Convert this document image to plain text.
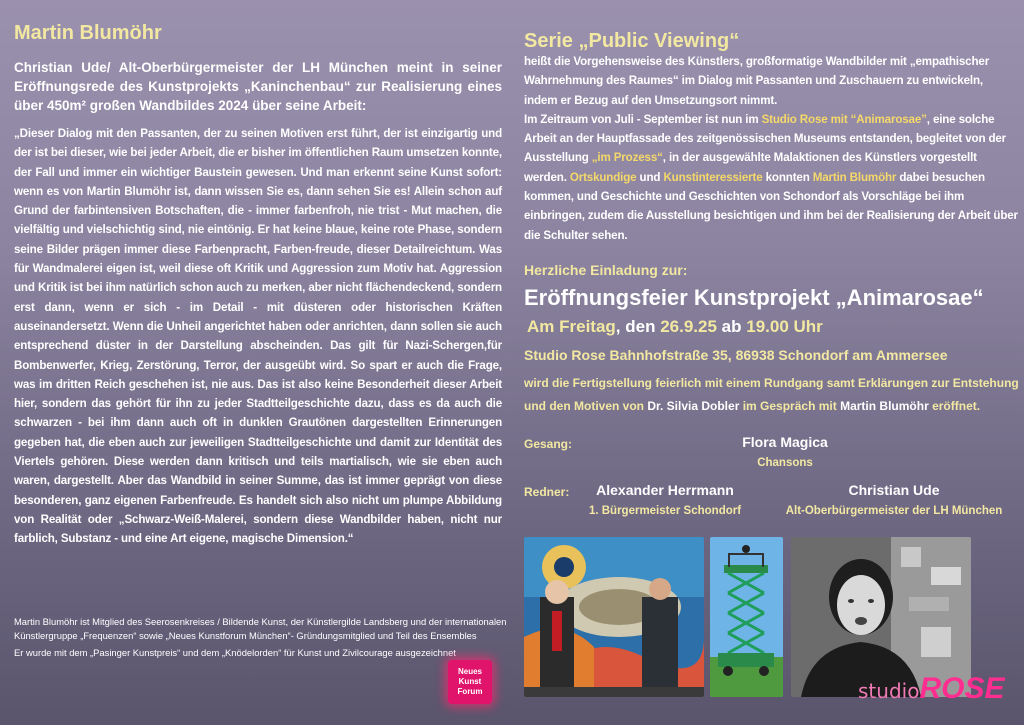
Martin Blumöhr
Christian Ude/ Alt-Oberbürgermeister der LH München meint in seiner Eröffnungsrede des Kunstprojekts „Kaninchenbau“ zur Realisierung eines über 450m² großen Wandbildes 2024 über seine Arbeit:
„Dieser Dialog mit den Passanten, der zu seinen Motiven erst führt, der ist einzigartig und der ist bei dieser, wie bei jeder Arbeit, die er bisher im öffentlichen Raum umsetzen konnte, der Fall und immer ein wichtiger Baustein gewesen. Und man erkennt seine Kunst sofort: wenn es von Martin Blumöhr ist, dann wissen Sie es, dann sehen Sie es! Allein schon auf Grund der farbintensiven Botschaften, die - immer farbenfroh, nie trist - Mut machen, die vielfältig und vielschichtig sind, nie eintönig. Er hat keine blaue, keine rote Phase, sondern seine Bilder prägen immer diese Farbenpracht, Farben-freude, dieser Detailreichtum. Was für Wandmalerei eigen ist, weil diese oft Kritik und Aggression zum Motiv hat. Aggression und Kritik ist bei ihm natürlich schon auch zu merken, aber nicht flächendeckend, sondern erst dann, wenn er sich - im Detail - mit düsteren oder historischen Kräften auseinandersetzt. Wenn die Unheil angerichtet haben oder anrichten, dann sollen sie auch entsprechend düster in der Darstellung abscheinden. Das gilt für Nazi-Schergen,für Bombenwerfer, Krieg, Zerstörung, Terror, der ausgeübt wird. So spart er auch die Frage, was im dritten Reich geschehen ist, nie aus. Das ist also keine Besonderheit dieser Arbeit hier, sondern das gehört für ihn zu jeder Stadtteilgeschichte dazu, dass es da auch die schwarzen - bei ihm dann auch oft in dunklen Grautönen dargestellten Erinnerungen gegeben hat, die eben auch zur jeweiligen Stadtteilgeschichte und damit zur Identität des Viertels gehören. Diese werden dann kritisch und teils martialisch, wie sie eben auch waren, dargestellt. Aber das Wandbild in seiner Summe, das ist immer geprägt von diese besonderen, ganz eigenen Farbenfreude. Es handelt sich also nicht um plumpe Abbildung von Realität oder „Schwarz-Weiß-Malerei, sondern diese Wandbilder haben, nicht nur farblich, Substanz - und eine Art eigene, magische Dimension.“

Martin Blumöhr ist Mitglied des Seerosenkreises / Bildende Kunst, der Künstlergilde Landsberg und der internationalen Künstlergruppe „Frequenzen“ sowie „Neues Kunstforum München“- Gründungsmitglied und Teil des Ensembles

Er wurde mit dem „Pasinger Kunstpreis“ und dem „Knödelorden“ für Kunst und Zivilcourage ausgezeichnet

Neues
Kunst
Forum
Serie „Public Viewing“
heißt die Vorgehensweise des Künstlers, großformatige Wandbilder mit „empathischer Wahrnehmung des Raumes“ im Dialog mit Passanten und Zuschauern zu entwickeln, indem er Bezug auf den Umsetzungsort nimmt.
Im Zeitraum von Juli - September ist nun im Studio Rose mit “Animarosae”, eine solche Arbeit an der Hauptfassade des zeitgenössischen Museums entstanden, begleitet von der Ausstellung „im Prozess“, in der ausgewählte Malaktionen des Künstlers vorgestellt werden. Ortskundige und Kunstinteressierte konnten Martin Blumöhr dabei besuchen kommen, und Geschichte und Geschichten von Schondorf als Vorschläge bei ihm einbringen, zudem die Ausstellung besichtigen und ihm bei der Realisierung der Arbeit über die Schulter sehen.
Herzliche Einladung zur:
Eröffnungsfeier Kunstprojekt „Animarosae“
Am Freitag, den 26.9.25 ab 19.00 Uhr
Studio Rose Bahnhofstraße 35, 86938 Schondorf am Ammersee
wird die Fertigstellung feierlich mit einem Rundgang samt Erklärungen zur Entstehung und den Motiven von Dr. Silvia Dobler im Gespräch mit Martin Blumöhr eröffnet.
Gesang:	Flora Magica
Chansons
Redner:	Alexander Herrmann
1. Bürgermeister Schondorf
Christian Ude
Alt-Oberbürgermeister der LH München
studioROSE
